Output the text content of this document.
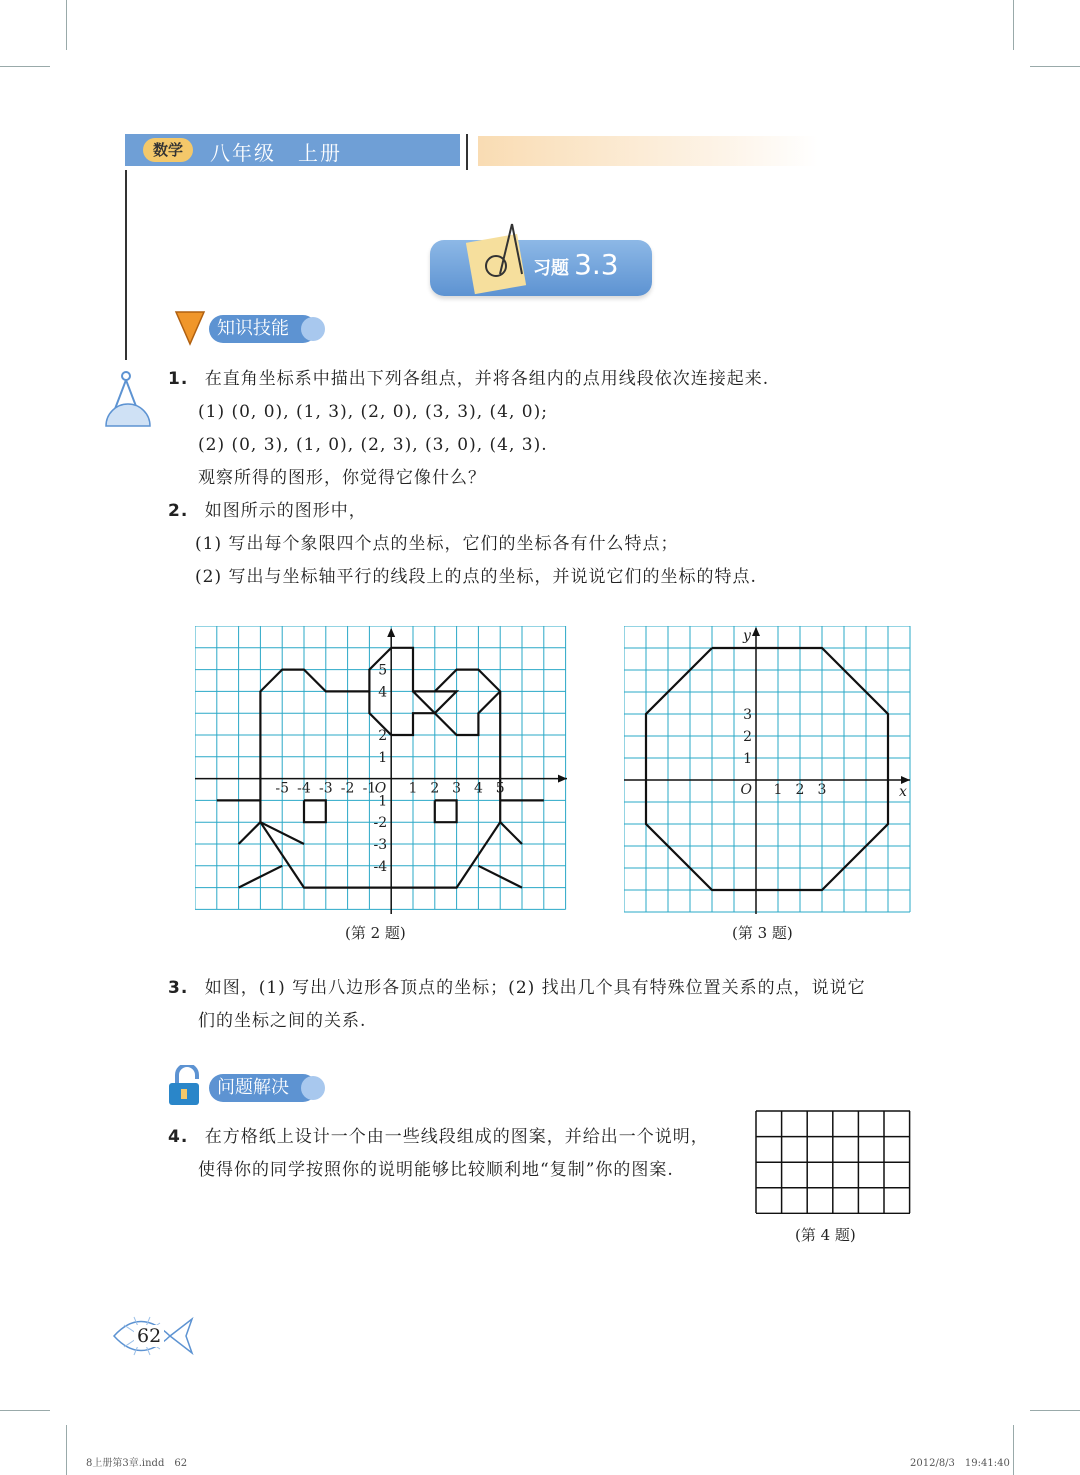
数学	八年级　上册
习题 3.3
知识技能
1. 在直角坐标系中描出下列各组点，并将各组内的点用线段依次连接起来.
(1) (0, 0), (1, 3), (2, 0), (3, 3), (4, 0);
(2) (0, 3), (1, 0), (2, 3), (3, 0), (4, 3).
观察所得的图形，你觉得它像什么？
2. 如图所示的图形中，
(1) 写出每个象限四个点的坐标，它们的坐标各有什么特点；
(2) 写出与坐标轴平行的线段上的点的坐标，并说说它们的坐标的特点.
-5 -4 -3 -2 -1 1 2 3 4 5
1
2
4
5
1
-2
-3
-4
O
(第 2 题)
1 2 3
1
2
3
O	x
y
(第 3 题)
3. 如图，(1) 写出八边形各顶点的坐标；(2) 找出几个具有特殊位置关系的点，说说它
们的坐标之间的关系.
问题解决
4. 在方格纸上设计一个由一些线段组成的图案，并给出一个说明，
使得你的同学按照你的说明能够比较顺利地“复制”你的图案.
(第 4 题)
62
8上册第3章.indd　62	2012/8/3　19:41:40
